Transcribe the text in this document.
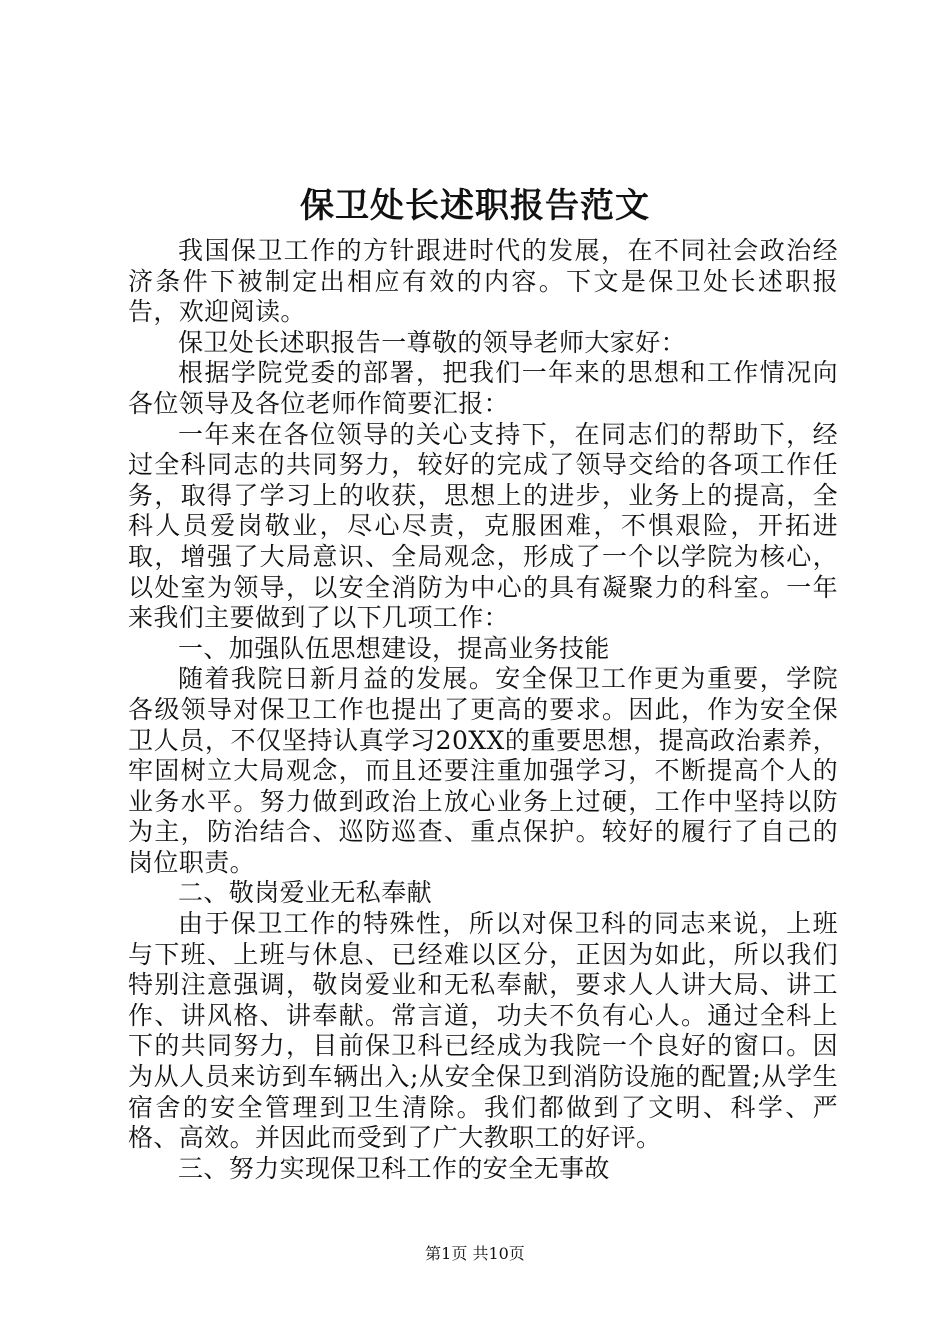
保卫处长述职报告范文

我国保卫工作的方针跟进时代的发展，在不同社会政治经济条件下被制定出相应有效的内容。下文是保卫处长述职报告，欢迎阅读。

保卫处长述职报告一尊敬的领导老师大家好：

根据学院党委的部署，把我们一年来的思想和工作情况向各位领导及各位老师作简要汇报：

一年来在各位领导的关心支持下，在同志们的帮助下，经过全科同志的共同努力，较好的完成了领导交给的各项工作任务，取得了学习上的收获，思想上的进步，业务上的提高，全科人员爱岗敬业，尽心尽责，克服困难，不惧艰险，开拓进取，增强了大局意识、全局观念，形成了一个以学院为核心，以处室为领导，以安全消防为中心的具有凝聚力的科室。一年来我们主要做到了以下几项工作：

一、加强队伍思想建设，提高业务技能

随着我院日新月益的发展。安全保卫工作更为重要，学院各级领导对保卫工作也提出了更高的要求。因此，作为安全保卫人员，不仅坚持认真学习20XX的重要思想，提高政治素养，牢固树立大局观念，而且还要注重加强学习，不断提高个人的业务水平。努力做到政治上放心业务上过硬，工作中坚持以防为主，防治结合、巡防巡查、重点保护。较好的履行了自己的岗位职责。

二、敬岗爱业无私奉献

由于保卫工作的特殊性，所以对保卫科的同志来说，上班与下班、上班与休息、已经难以区分，正因为如此，所以我们特别注意强调，敬岗爱业和无私奉献，要求人人讲大局、讲工作、讲风格、讲奉献。常言道，功夫不负有心人。通过全科上下的共同努力，目前保卫科已经成为我院一个良好的窗口。因为从人员来访到车辆出入;从安全保卫到消防设施的配置;从学生宿舍的安全管理到卫生清除。我们都做到了文明、科学、严格、高效。并因此而受到了广大教职工的好评。

三、努力实现保卫科工作的安全无事故

第1页 共10页
